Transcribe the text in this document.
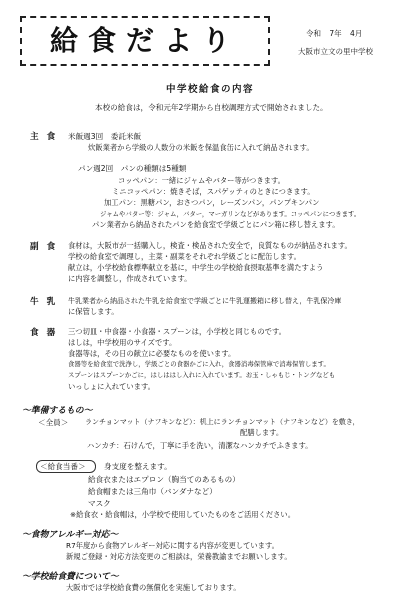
給食だより	令和 7年 4月
大阪市立文の里中学校
中学校給食の内容
本校の給食は，令和元年2学期から自校調理方式で開始されました。
主食 米飯週3回　委託米飯
炊飯業者から学級の人数分の米飯を保温食缶に入れて納品されます。
パン週2回　パンの種類は5種類
コッペパン：一緒にジャムやバター等がつきます。
ミニコッペパン：焼きそば，スパゲッティのときにつきます。
加工パン：黒糖パン，おさつパン，レーズンパン，パンプキンパン
ジャムやバター等：ジャム，バター，マーガリンなどがあります。コッペパンにつきます。
パン業者から納品されたパンを給食室で学級ごとにパン箱に移し替えます。
副食 食材は，大阪市が一括購入し，検査・検品された安全で，良質なものが納品されます。
学校の給食室で調理し，主菜・副菜をそれぞれ学級ごとに配缶します。
献立は，小学校給食標準献立を基に，中学生の学校給食摂取基準を満たすよう
に内容を調整し，作成されています。
牛乳 牛乳業者から納品された牛乳を給食室で学級ごとに牛乳運搬箱に移し替え，牛乳保冷庫
に保管します。
食器 三つ切皿・中食器・小食器・スプーンは，小学校と同じものです。
はしは，中学校用のサイズです。
食器等は，その日の献立に必要なものを使います。
食器等を給食室で洗浄し，学級ごとの食器かごに入れ，食器消毒保管庫で消毒保管します。
スプーンはスプーンかごに，はしははし入れに入れています。お玉・しゃもじ・トングなども
いっしょに入れています。
～準備するもの～
＜全員＞ ランチョンマット（ナフキンなど）：机上にランチョンマット（ナフキンなど）を敷き，
配膳します。
ハンカチ：石けんで，丁寧に手を洗い，清潔なハンカチでふきます。
＜給食当番＞ 身支度を整えます。
給食衣またはエプロン（胸当てのあるもの）
給食帽または三角巾（バンダナなど）
マスク
※給食衣・給食帽は，小学校で使用していたものをご活用ください。
～食物アレルギー対応～
R7年度から食物アレルギー対応に関する内容が変更しています。
新規ご登録・対応方法変更のご相談は，栄養教諭までお願いします。
～学校給食費について～
大阪市では学校給食費の無償化を実施しております。
